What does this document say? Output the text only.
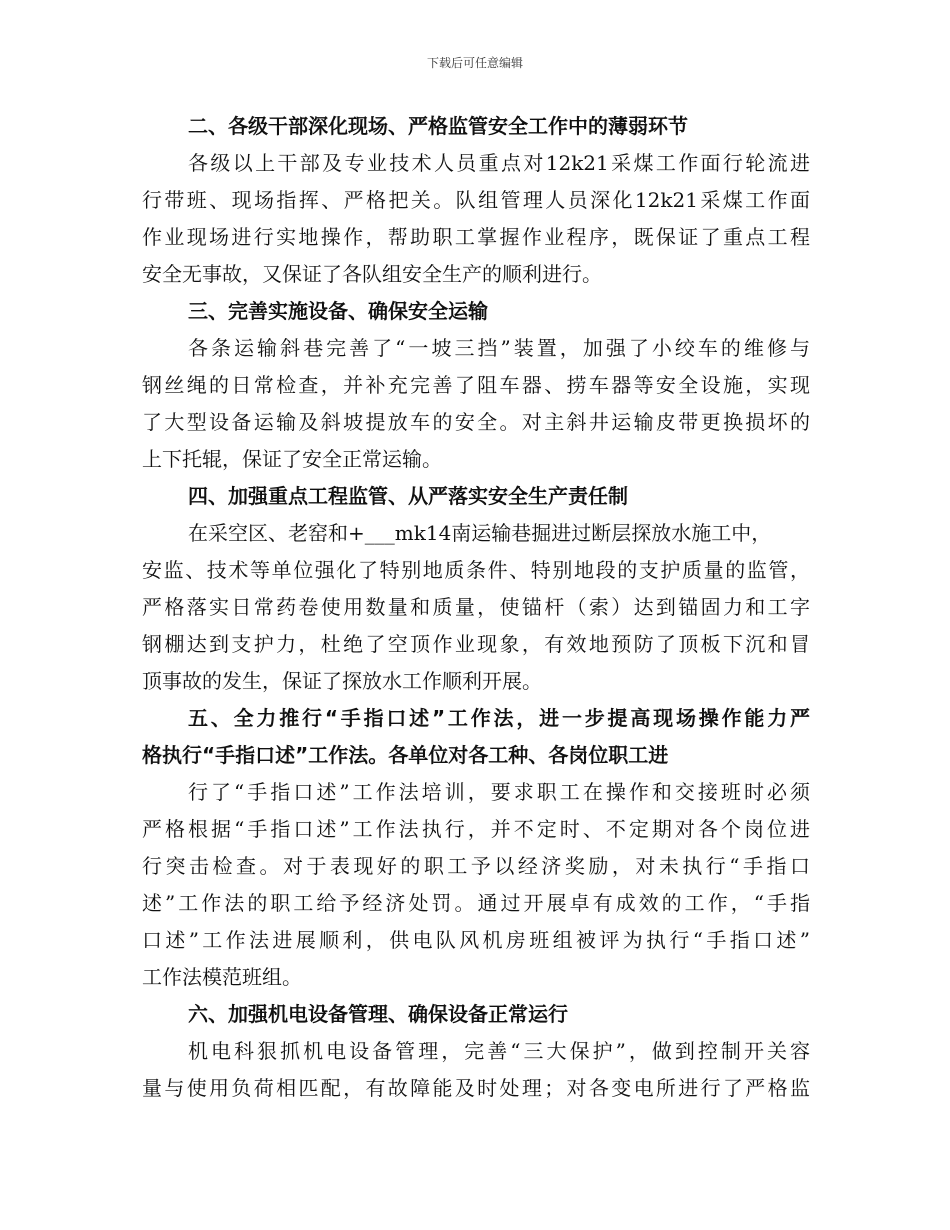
下载后可任意编辑
二、各级干部深化现场、严格监管安全工作中的薄弱环节
各级以上干部及专业技术人员重点对12k21采煤工作面行轮流进
行带班、现场指挥、严格把关。队组管理人员深化12k21采煤工作面
作业现场进行实地操作，帮助职工掌握作业程序，既保证了重点工程
安全无事故，又保证了各队组安全生产的顺利进行。
三、完善实施设备、确保安全运输
各条运输斜巷完善了“一坡三挡”装置，加强了小绞车的维修与
钢丝绳的日常检查，并补充完善了阻车器、捞车器等安全设施，实现
了大型设备运输及斜坡提放车的安全。对主斜井运输皮带更换损坏的
上下托辊，保证了安全正常运输。
四、加强重点工程监管、从严落实安全生产责任制
在采空区、老窑和+___mk14南运输巷掘进过断层探放水施工中，
安监、技术等单位强化了特别地质条件、特别地段的支护质量的监管，
严格落实日常药卷使用数量和质量，使锚杆（索）达到锚固力和工字
钢棚达到支护力，杜绝了空顶作业现象，有效地预防了顶板下沉和冒
顶事故的发生，保证了探放水工作顺利开展。
五、全力推行“手指口述”工作法，进一步提高现场操作能力严
格执行“手指口述”工作法。各单位对各工种、各岗位职工进
行了“手指口述”工作法培训，要求职工在操作和交接班时必须
严格根据“手指口述”工作法执行，并不定时、不定期对各个岗位进
行突击检查。对于表现好的职工予以经济奖励，对未执行“手指口
述”工作法的职工给予经济处罚。通过开展卓有成效的工作，“手指
口述”工作法进展顺利，供电队风机房班组被评为执行“手指口述”
工作法模范班组。
六、加强机电设备管理、确保设备正常运行
机电科狠抓机电设备管理，完善“三大保护”，做到控制开关容
量与使用负荷相匹配，有故障能及时处理；对各变电所进行了严格监
